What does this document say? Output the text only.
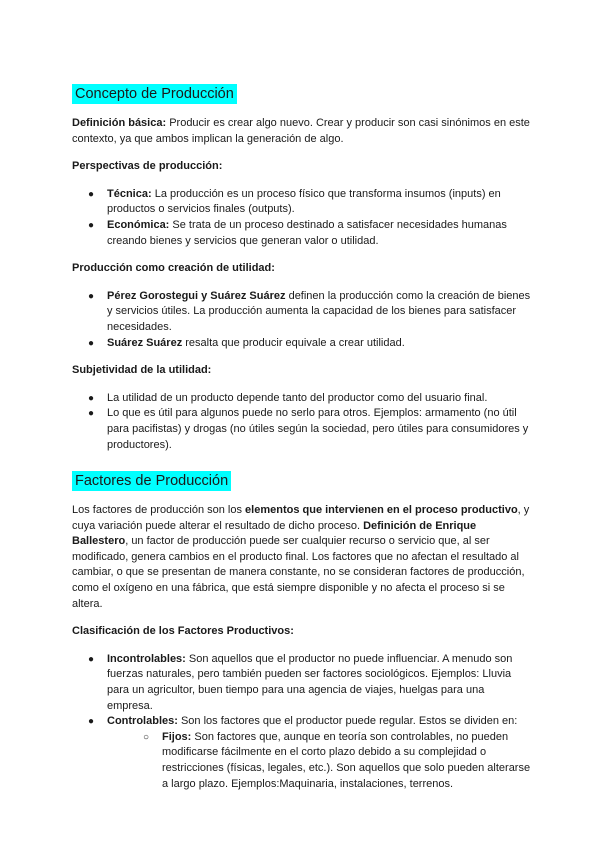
Concepto de Producción

Definición básica: Producir es crear algo nuevo. Crear y producir son casi sinónimos en este contexto, ya que ambos implican la generación de algo.

Perspectivas de producción:

● Técnica: La producción es un proceso físico que transforma insumos (inputs) en productos o servicios finales (outputs).
● Económica: Se trata de un proceso destinado a satisfacer necesidades humanas creando bienes y servicios que generan valor o utilidad.

Producción como creación de utilidad:

● Pérez Gorostegui y Suárez Suárez definen la producción como la creación de bienes y servicios útiles. La producción aumenta la capacidad de los bienes para satisfacer necesidades.
● Suárez Suárez resalta que producir equivale a crear utilidad.

Subjetividad de la utilidad:

● La utilidad de un producto depende tanto del productor como del usuario final.
● Lo que es útil para algunos puede no serlo para otros. Ejemplos: armamento (no útil para pacifistas) y drogas (no útiles según la sociedad, pero útiles para consumidores y productores).
Factores de Producción

Los factores de producción son los elementos que intervienen en el proceso productivo, y cuya variación puede alterar el resultado de dicho proceso. Definición de Enrique Ballestero, un factor de producción puede ser cualquier recurso o servicio que, al ser modificado, genera cambios en el producto final. Los factores que no afectan el resultado al cambiar, o que se presentan de manera constante, no se consideran factores de producción, como el oxígeno en una fábrica, que está siempre disponible y no afecta el proceso si se altera.

Clasificación de los Factores Productivos:

● Incontrolables: Son aquellos que el productor no puede influenciar. A menudo son fuerzas naturales, pero también pueden ser factores sociológicos. Ejemplos: Lluvia para un agricultor, buen tiempo para una agencia de viajes, huelgas para una empresa.
● Controlables: Son los factores que el productor puede regular. Estos se dividen en:
○ Fijos: Son factores que, aunque en teoría son controlables, no pueden modificarse fácilmente en el corto plazo debido a su complejidad o restricciones (físicas, legales, etc.). Son aquellos que solo pueden alterarse a largo plazo. Ejemplos:Maquinaria, instalaciones, terrenos.
